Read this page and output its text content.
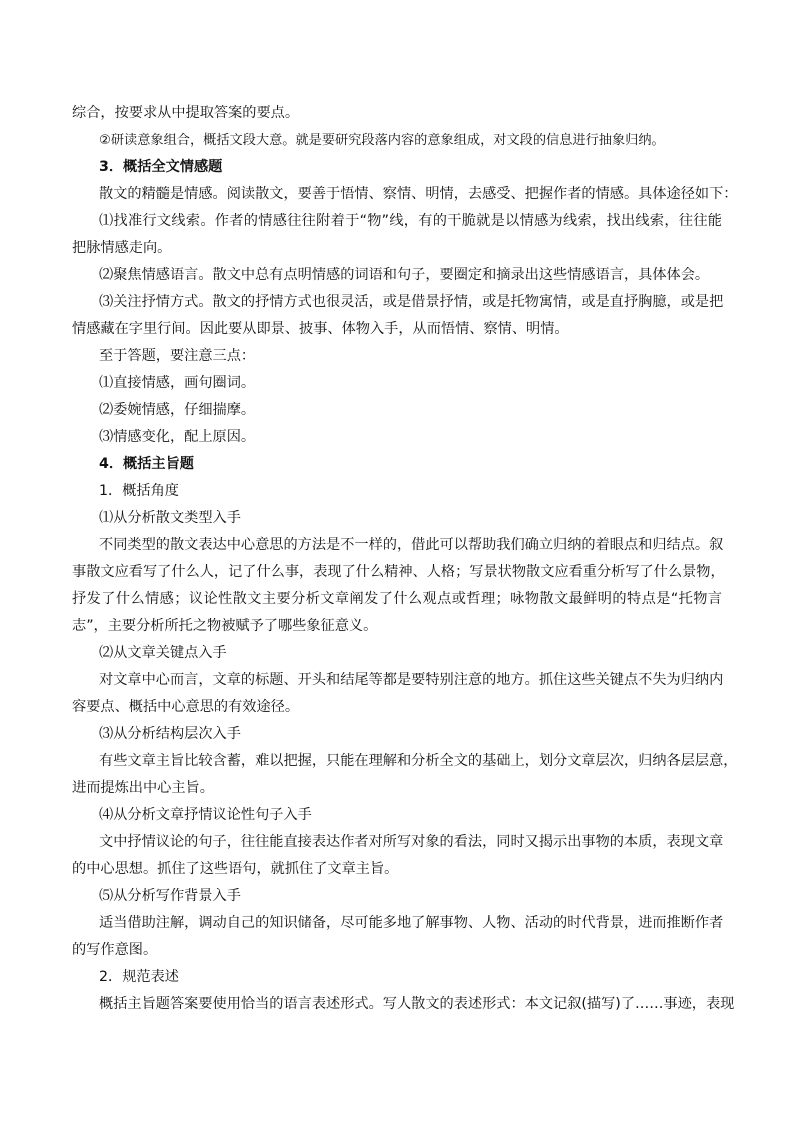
综合，按要求从中提取答案的要点。

②研读意象组合，概括文段大意。就是要研究段落内容的意象组成，对文段的信息进行抽象归纳。

3．概括全文情感题

散文的精髓是情感。阅读散文，要善于悟情、察情、明情，去感受、把握作者的情感。具体途径如下：

⑴找准行文线索。作者的情感往往附着于“物”线，有的干脆就是以情感为线索，找出线索，往往能

把脉情感走向。

⑵聚焦情感语言。散文中总有点明情感的词语和句子，要圈定和摘录出这些情感语言，具体体会。

⑶关注抒情方式。散文的抒情方式也很灵活，或是借景抒情，或是托物寓情，或是直抒胸臆，或是把

情感藏在字里行间。因此要从即景、披事、体物入手，从而悟情、察情、明情。

至于答题，要注意三点：

⑴直接情感，画句圈词。

⑵委婉情感，仔细揣摩。

⑶情感变化，配上原因。

4．概括主旨题

1．概括角度

⑴从分析散文类型入手

不同类型的散文表达中心意思的方法是不一样的，借此可以帮助我们确立归纳的着眼点和归结点。叙

事散文应看写了什么人，记了什么事，表现了什么精神、人格；写景状物散文应看重分析写了什么景物，

抒发了什么情感；议论性散文主要分析文章阐发了什么观点或哲理；咏物散文最鲜明的特点是“托物言

志”，主要分析所托之物被赋予了哪些象征意义。

⑵从文章关键点入手

对文章中心而言，文章的标题、开头和结尾等都是要特别注意的地方。抓住这些关键点不失为归纳内

容要点、概括中心意思的有效途径。

⑶从分析结构层次入手

有些文章主旨比较含蓄，难以把握，只能在理解和分析全文的基础上，划分文章层次，归纳各层层意，

进而提炼出中心主旨。

⑷从分析文章抒情议论性句子入手

文中抒情议论的句子，往往能直接表达作者对所写对象的看法，同时又揭示出事物的本质，表现文章

的中心思想。抓住了这些语句，就抓住了文章主旨。

⑸从分析写作背景入手

适当借助注解，调动自己的知识储备，尽可能多地了解事物、人物、活动的时代背景，进而推断作者

的写作意图。

2．规范表述

概括主旨题答案要使用恰当的语言表述形式。写人散文的表述形式：本文记叙(描写)了……事迹，表现
